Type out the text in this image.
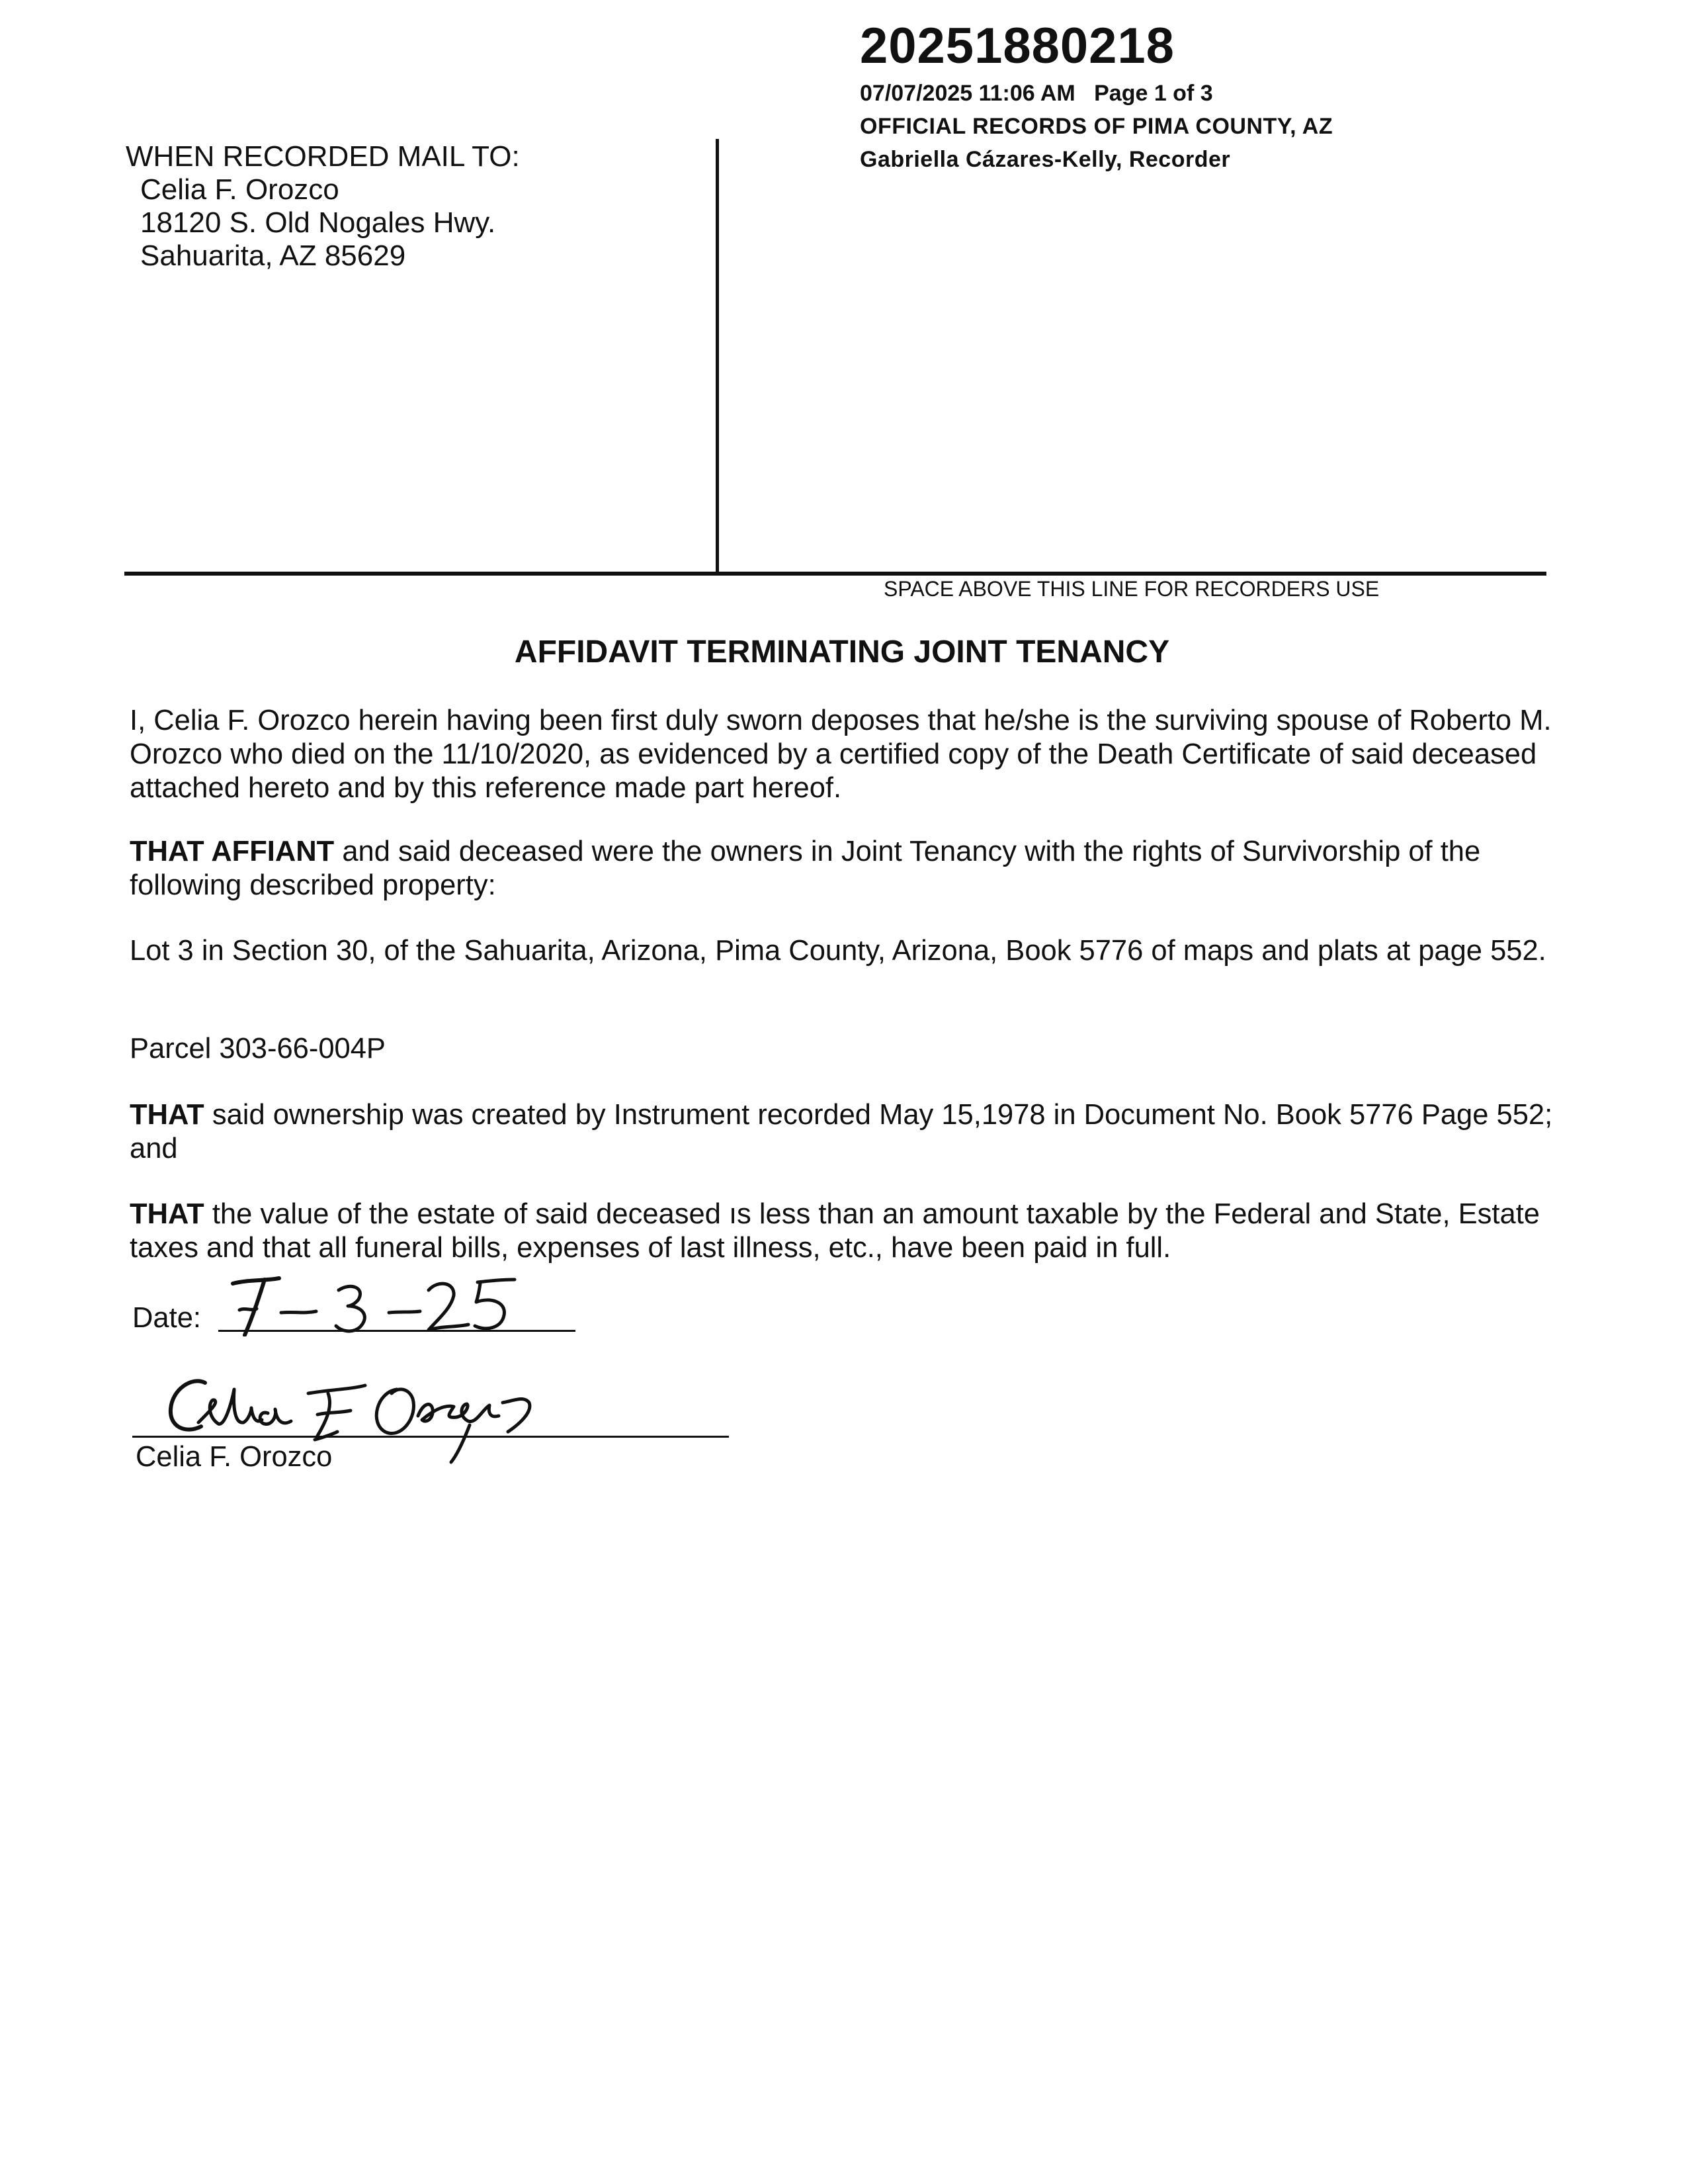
20251880218
07/07/2025 11:06 AM Page 1 of 3
OFFICIAL RECORDS OF PIMA COUNTY, AZ
Gabriella Cázares-Kelly, Recorder
WHEN RECORDED MAIL TO:
Celia F. Orozco
18120 S. Old Nogales Hwy.
Sahuarita, AZ 85629
SPACE ABOVE THIS LINE FOR RECORDERS USE
AFFIDAVIT TERMINATING JOINT TENANCY
I, Celia F. Orozco herein having been first duly sworn deposes that he/she is the surviving spouse of Roberto M. Orozco who died on the 11/10/2020, as evidenced by a certified copy of the Death Certificate of said deceased attached hereto and by this reference made part hereof.
THAT AFFIANT and said deceased were the owners in Joint Tenancy with the rights of Survivorship of the following described property:
Lot 3 in Section 30, of the Sahuarita, Arizona, Pima County, Arizona, Book 5776 of maps and plats at page 552.
Parcel 303-66-004P
THAT said ownership was created by Instrument recorded May 15,1978 in Document No. Book 5776 Page 552; and
THAT the value of the estate of said deceased ıs less than an amount taxable by the Federal and State, Estate taxes and that all funeral bills, expenses of last illness, etc., have been paid in full.
Date:
Celia F. Orozco
